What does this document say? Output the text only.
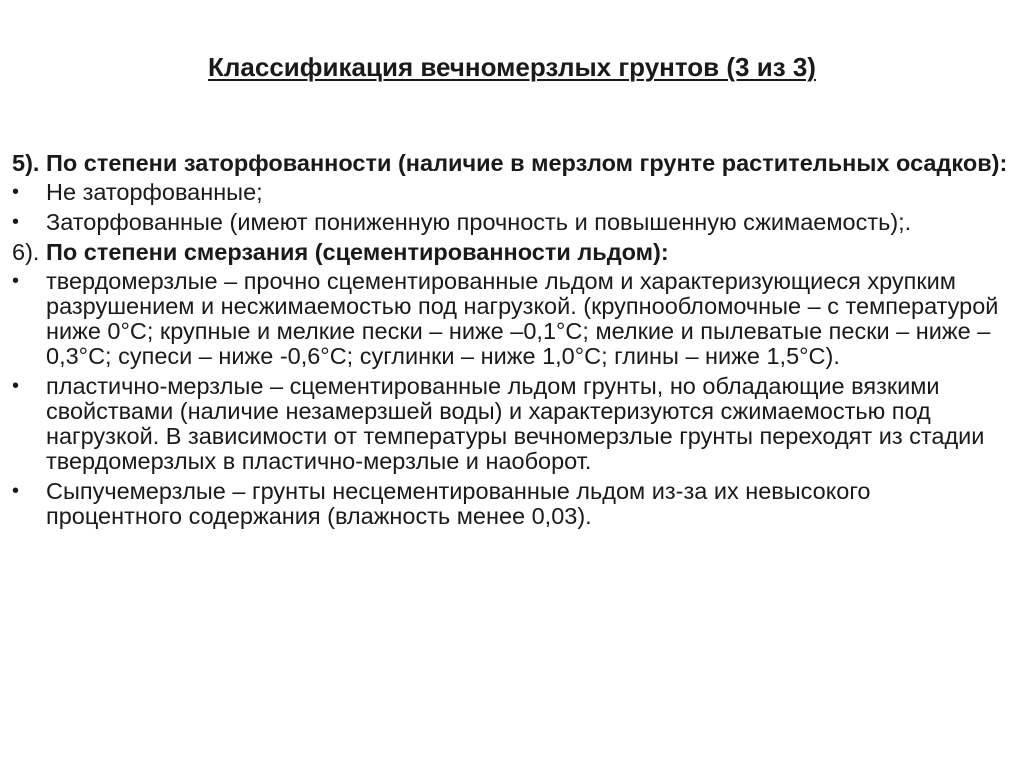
Классификация вечномерзлых грунтов (3 из 3)
5). По степени заторфованности (наличие в мерзлом грунте растительных осадков):
•	Не заторфованные;
•	Заторфованные (имеют пониженную прочность и повышенную сжимаемость);.
6). По степени смерзания (сцементированности льдом):
•	твердомерзлые – прочно сцементированные льдом и характеризующиеся хрупким разрушением и несжимаемостью под нагрузкой. (крупнообломочные – с температурой ниже 0°С; крупные и мелкие пески – ниже –0,1°С; мелкие и пылеватые пески – ниже –0,3°С; супеси – ниже -0,6°С; суглинки – ниже 1,0°С; глины – ниже 1,5°С).
•	пластично-мерзлые – сцементированные льдом грунты, но обладающие вязкими свойствами (наличие незамерзшей воды) и характеризуются сжимаемостью под нагрузкой. В зависимости от температуры вечномерзлые грунты переходят из стадии твердомерзлых в пластично-мерзлые и наоборот.
•	Сыпучемерзлые – грунты несцементированные льдом из-за их невысокого процентного содержания (влажность менее 0,03).
